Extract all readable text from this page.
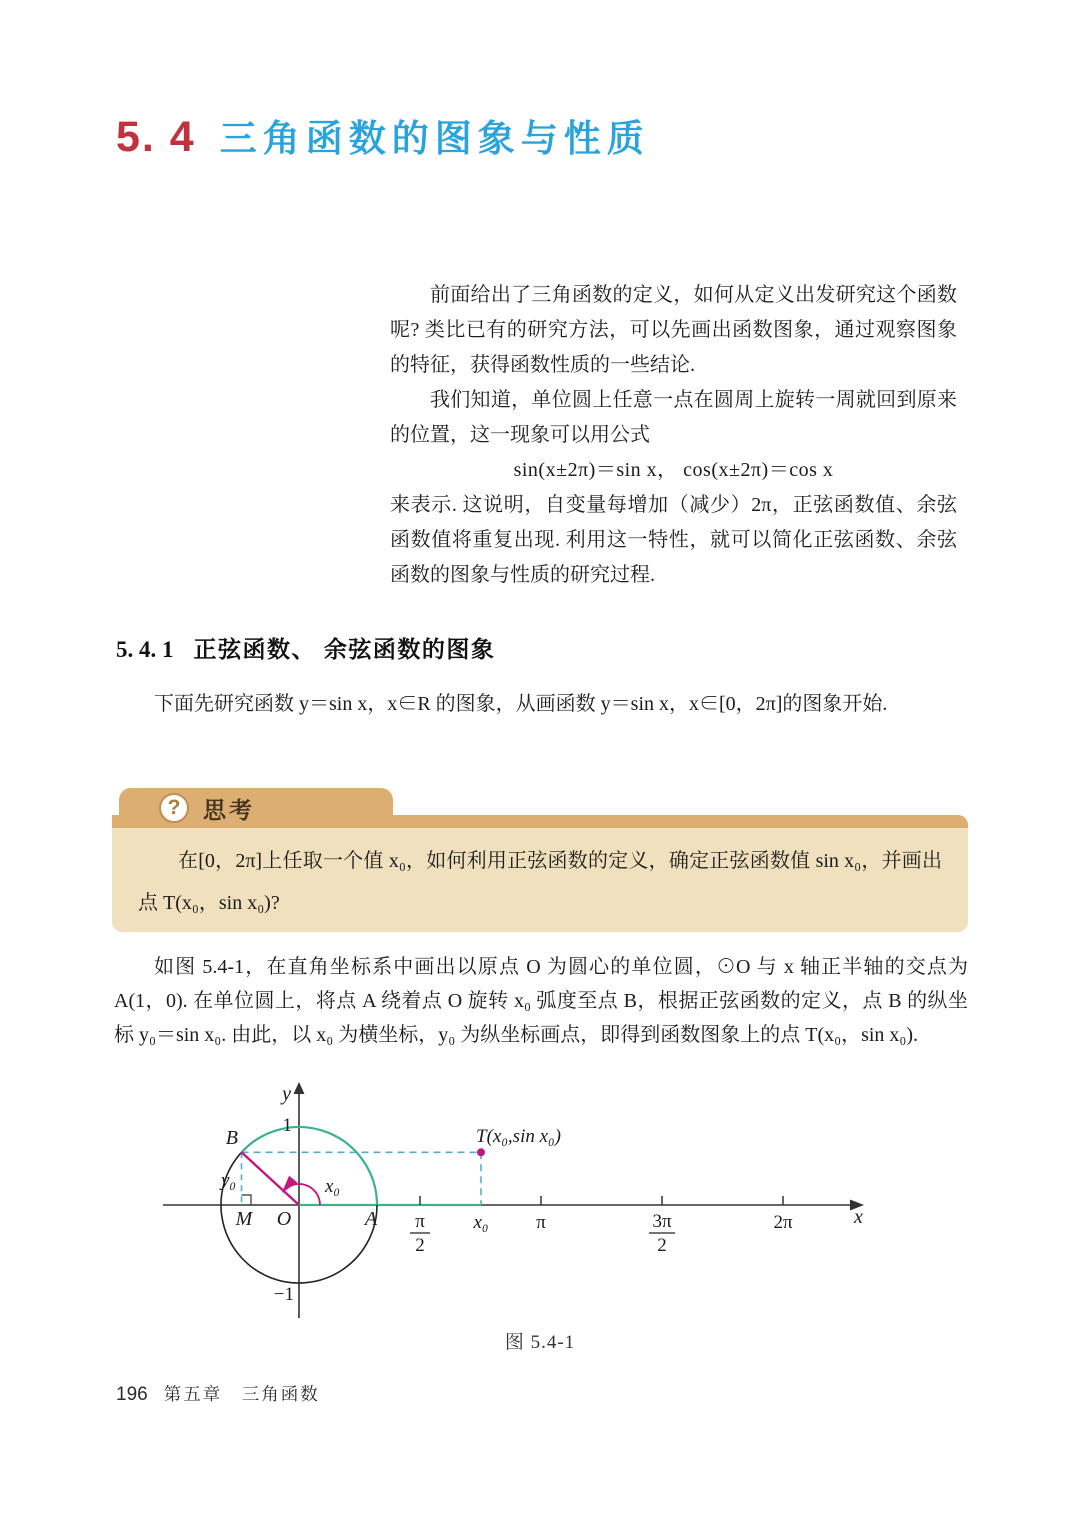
5. 4 三角函数的图象与性质

前面给出了三角函数的定义，如何从定义出发研究这个函数呢? 类比已有的研究方法，可以先画出函数图象，通过观察图象的特征，获得函数性质的一些结论.

我们知道，单位圆上任意一点在圆周上旋转一周就回到原来的位置，这一现象可以用公式

sin(x±2π)＝sin x， cos(x±2π)＝cos x

来表示. 这说明，自变量每增加（减少）2π，正弦函数值、余弦函数值将重复出现. 利用这一特性，就可以简化正弦函数、余弦函数的图象与性质的研究过程.

5. 4. 1 正弦函数、 余弦函数的图象

下面先研究函数 y＝sin x，x∈R 的图象，从画函数 y＝sin x，x∈[0，2π]的图象开始.

在[0，2π]上任取一个值 x₀，如何利用正弦函数的定义，确定正弦函数值 sin x₀，并画出点 T(x₀，sin x₀)?

? 思考

如图 5.4-1，在直角坐标系中画出以原点 O 为圆心的单位圆，⊙O 与 x 轴正半轴的交点为 A(1，0). 在单位圆上，将点 A 绕着点 O 旋转 x₀ 弧度至点 B，根据正弦函数的定义，点 B 的纵坐标 y₀＝sin x₀. 由此，以 x₀ 为横坐标，y₀ 为纵坐标画点，即得到函数图象上的点 T(x₀，sin x₀).

y
1
−1
B
y₀
M O	A
x₀
π
2
x₀	π	3π
2
2π	x
T(x₀,sin x₀)
图 5.4-1
196 第五章　三角函数
